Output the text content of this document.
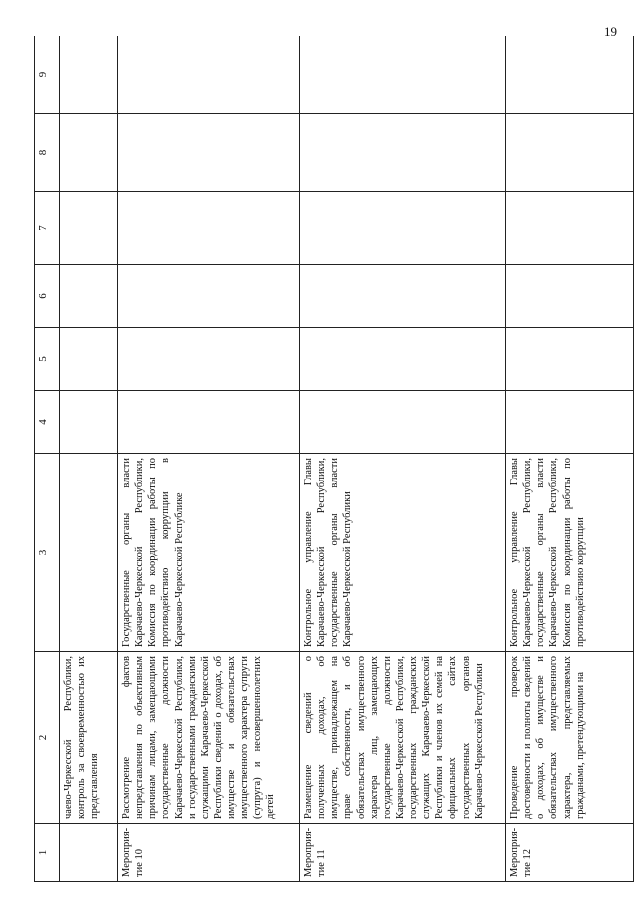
19
1	2	3	4	5	6	7	8	9
	чаево-Черкесской Республики, контроль за своевременностью их представления							
Мероприя-тие 10	Рассмотрение фактов непредставления по объективным причинам лицами, замещающими государственные должности Карачаево-Черкесской Республики, и государственными гражданскими служащими Карачаево-Черкесской Республики сведений о доходах, об имуществе и обязательствах имущественного характера супруги (супруга) и несовершеннолетних детей	Государственные органы власти Карачаево-Черкесской Республики, Комиссия по координации работы по противодействию коррупции в Карачаево-Черкесской Республике						
Мероприя-тие 11	Размещение сведений о полученных доходах, об имуществе, принадлежащем на праве собственности, и об обязательствах имущественного характера лиц, замещающих государственные должности Карачаево-Черкесской Республики, государственных гражданских служащих Карачаево-Черкесской Республики и членов их семей на официальных сайтах государственных органов Карачаево-Черкесской Республики	Контрольное управление Главы Карачаево-Черкесской Республики, государственные органы власти Карачаево-Черкесской Республики						
Мероприя-тие 12	Проведение проверок достоверности и полноты сведений о доходах, об имуществе и обязательствах имущественного характера, представляемых гражданами, претендующими на	Контрольное управление Главы Карачаево-Черкесской Республики, государственные органы власти Карачаево-Черкесской Республики, Комиссия по координации работы по противодействию коррупции						
